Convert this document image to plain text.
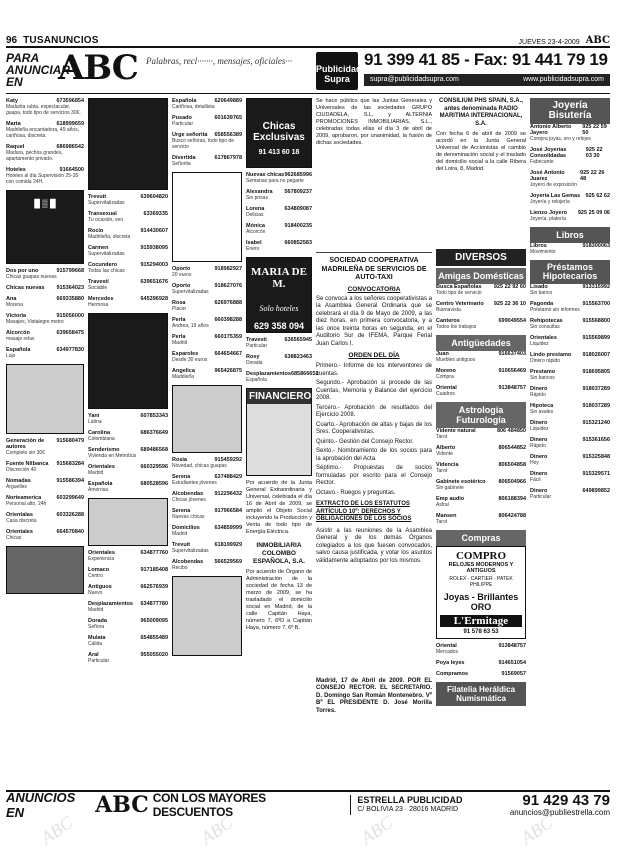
96 TUSANUNCIOS	JUEVES 23-4-2009 ABC
PARA ANUNCIAR EN	ABC Palabras, recl·······, mensajes, oficiales···
Publicidad Supra
91 399 41 85 - Fax: 91 441 79 19
supra@publicidadsupra.com	www.publicidadsupra.com
Katy	673596854
Madurita rubia, espectacular, guapa, todo tipo de servicios 30€.
Marta	618999659
Madrileña encantadora, 49 años, cariñosa, discreta.
Raquel	686986542
Madura, pechos grandes, apartamento privado.
Hoteles	91664500
Hoteles al día Supervisión 25-35 con comida 24H.
█ ▒ █
Dos por uno	915799668
Chicas guapas nuevas
Chicas nuevas 915364023
Ana	669335880
Morena
Victoria	915056000
Masajes, Vistalegre metro
Alcorcón	639658475
masaje relax
Española	634977830
Lujo
Generación de autores
915680479
Completo sin 30€
Fuente Nilbanca 915683284
Discreción 40
Nomadas	915586394
Arguelles
Norteamerica	603299649
Personal alto, 24h
Orientalas	603326288
Casa discreta
Orientales	664570840
Chicas
Trevuit	639604820
Supervitalizadas
Transexual	63369335
Tu ocasión, ven
Rocio	914430607
Madrileña, discreta
Carmen	915938095
Supervitalizadas
Cocundero	915294003
Todas las chicas
Travestí	639651676
Sociable
Mercedes	645396928
Hermosa
Yani	607853343
Latina
Carolina	686376649
Colombiana
Senderismo	689486568
Vivienda en Metrobús
Orientales	660329596
Madrid
Española	680528596
Amorosa
Orientales	634877760
Experiencia
Lomaco	917185408
Centro
Antiguos	662576939
Nuevo
Desplazamientos 634877780
Madrid
Dorada	965009095
Señora
Mulata	654855489
Cálida
Aral	955055020
Particular
Española	620649889
Cariñosa, detallista
Pusado	601639765
Particular
Urge señorita 658556389
Busco señoras, todo tipo de servicio
Divertida	617867978
Señorita
Oporto	918982927
20 euros
Oporto	918627076
Supervitalizadas
Rosa	626976888
Placer
Perla	660398288
Andrea, 19 años
Perla	660175359
Madrid
Esparoles	664654667
Desde 30 euros
Angelica	965426875
Madrileña
Rosia	915459292
Novedad, chicas guapas
Serena	637488429
Estudiantes jóvenes
Alcobendas 912296432
Chicas jóvenes
Serena	917966584
Nuevas chicas
Domicilios	634859999
Madrid
Trevuit	618199929
Supervitalizadas
Alcobendas 566529569
Recibo
Chicas Exclusivas
91 413 60 18
Nuevas chicas 962685996
Semanas para no pegarte
Alexandra 567809237
Sin prisas
Lorena	634809087
Delicias
Mónica	918400235
Alcorcón
Isabel	660852583
Enero
MARIA DE M.
Solo hoteles
629 358 094
Travesti	636565945
Particular
Rosy	638823463
Dorada
Desplazamientos 685866653
Española
FINANCIEROS
Por acuerdo de la Junta General Extraordinaria y Universal, celebrada el día 16 de Abril de 2009, se amplió el Objeto Social incluyendo la Producción y Venta de todo tipo de Energía Eléctrica.
INMOBILIARIA COLOMBO ESPAÑOLA, S.A.
Por acuerdo de Órgano de Administración de la sociedad de fecha 13 de marzo de 2009, se ha trasladado el domicilio social en Madrid, de la calle Capitán Haya, número 7, 6ºD a Capitán Haya, número 7, 6º B.
Se hace público que las Juntas Generales y Universales de las sociedades GRUPO CIUDADELA, S.L. y ALTERNIA PROMOCIONES INMOBILIARIAS, S.L., celebradas todas ellas el día 3 de abril de 2009, aprobaron, por unanimidad, la fusión de dichas sociedades.
SOCIEDAD COOPERATIVA MADRILEÑA DE SERVICIOS DE AUTO-TAXI
CONVOCATORIA
Se convoca a los señores cooperativistas a la Asamblea General Ordinaria que se celebrará el día 9 de Mayo de 2009, a las diez horas, en primera convocatoria, y a las once treinta horas en segunda, en el Auditorio Sur de IFEMA, Parque Ferial Juan Carlos I.
ORDEN DEL DÍA
Primero.- Informe de los interventores de cuentas.
Segundo.- Aprobación si procede de las Cuentas, Memoria y Balance del ejercicio 2008.
Tercero.- Aprobación de resultados del Ejercicio 2008.
Cuarto.- Aprobación de altas y bajas de los Sres. Cooperativistas.
Quinto.- Gestión del Consejo Rector.
Sexto.- Nombramiento de los socios para la aprobación del Acta.
Séptimo.- Propuestas de socios formuladas por escrito para el Consejo Rector.
Octavo.- Ruegos y preguntas.
EXTRACTO DE LOS ESTATUTOS ARTÍCULO 10º: DERECHOS Y OBLIGACIONES DE LOS SOCIOS
Asistir a las reuniones de la Asamblea General y de los demás Órganos colegiados a los que fuesen convocados, salvo causa justificada, y votar los asuntos válidamente adoptados por los mismos.
Madrid, 17 de Abril de 2009. POR EL CONSEJO RECTOR. EL SECRETARIO. D. Domingo San Román Montenebro. Vº Bº EL PRESIDENTE D. José Morilla Torres.
CONSILIUM PHS SPAIN, S.A., antes denominada RADIO MARITIMA INTERNACIONAL, S.A.
Con fecha 6 de abril de 2009 se acordó en la Junta General Universal de Accionistas el cambio de denominación social y el traslado del domicilio social a la calle Ribera del Loira, 8, Madrid.
DIVERSOS
Amigas Domésticas
Busca Españolas 925 22 92 60
Todo tipo de servicio
Centro Veterinario 925 22 36 10
Buenavista
Canteros	699049554
Todos los trabajos
Antigüedades
Juan	916637403
Muebles antiguos
Moreno	910656469
Compra
Oriental	913848757
Cuadros
Astrología Futurología
Vidente natural	806 484850
Tarot
Alberto	806544852
Vidente
Videncia	806504858
Tarot
Gabinete esotérico 806504966
Sin gabinete
Emp audio	806188394
Astral
Mansen	806424788
Tarot
Compras
COMPRO
RELOJES MODERNOS Y ANTIGUOS
ROLEX · CARTIER · PATEK PHILIPPE
Joyas - Brillantes ORO
L'Ermitage
91 578 63 53
Oriental	913848757
Mercados
Poya leyes	914651054
Compramos	91569057
Filatelia Heráldica Numismática
Joyería Bisutería
Antonio Alberto Jayero
925 22 59 50
Compra joyas, oro y relojes
José Joyerías Consolidadas
925 22 03 30
Fabricante
José Antonio Juarez
925 22 26 48
Joyero de exposición
Joyeria Las Gemas 925 62 62
Joyería y relojería
Lienzo Joyero 925 25 09 06
Joyería, platería
Libros
Libros	918300063
Movimiento
Préstamos Hipotecarios
Lisado	913315992
Sin banco
Pagonda	915563700
Préstamo sin informes
Rehipotecas	915568800
Sin consultas
Orientales	915569899
Liquidez
Lindo prestamo 918026007
Dinero rápido
Prestamo	918695805
Sin bancos
Dinero	918037289
Rápido
Hipoteca	918037289
Sin avales
Dinero	915321240
Liquidez
Dinero	915361656
Rápido
Dinero	915325848
Hoy
Dinero	915329571
Fácil
Dinero	649899852
Particular
ANUNCIOS EN	ABC CON LOS MAYORES DESCUENTOS
ESTRELLA PUBLICIDAD
C/ BOLIVIA 23 · 28016 MADRID
91 429 43 79
anuncios@publiestrella.com
ABC	ABC	ABC	ABC
